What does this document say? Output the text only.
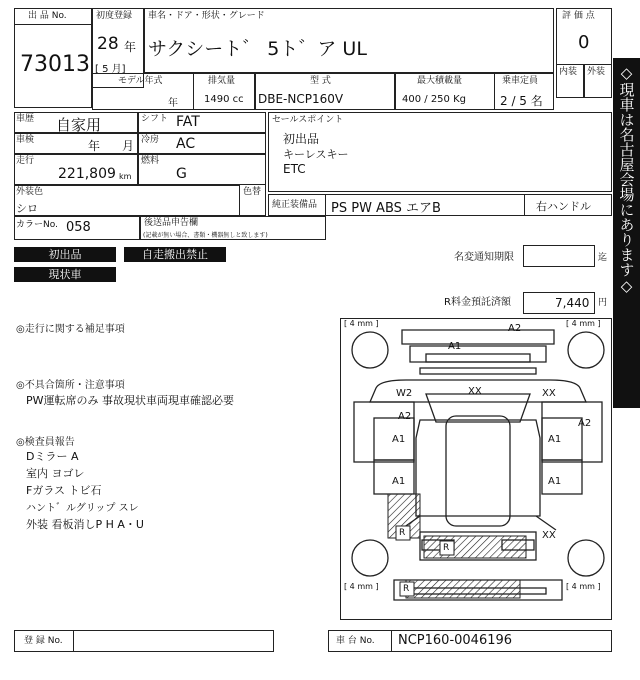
出 品 No.
73013
初度登録
28 年
[ 5 月]
車名・ドア・形状・グレード
サクシート゛ 5ト゛ア UL
評 価 点
0
内装 外装
モデル年式
年
排気量
1490 cc
型 式
DBE-NCP160V
最大積載量
400 / 250 Kg
乗車定員
2 / 5 名
車歴 自家用	シフト FAT
車検	年 月 冷房 AC
走行
221,809 km
燃料
G
外装色
シロ
色替
カラーNo. 058	後送品申告欄
(記載が無い場合、書類・機器無しと致します)
セールスポイント
初出品
キーレスキー
ETC
純正装備品 PS PW ABS エアB	右ハンドル
初出品	自走搬出禁止
現状車
名変通知期限	迄
R料金預託済額	7,440 円
◎走行に関する補足事項
◎不具合箇所・注意事項
PW運転席のみ 事故現状車両現車確認必要
◎検査員報告
Dミラー A
室内 ヨゴレ
Fガラス トビ石
ハント゛ルグリップ スレ
外装 看板消しP H A・U
◇現車は名古屋会場にあります◇
[ 4 mm ]	[ 4 mm ]
[ 4 mm ]	[ 4 mm ]
A2
A1
W2
A2
XX	XX
A2
A1	A1
A1	A1
XX
R
R
R
登 録 No.	車 台 No. NCP160-0046196
